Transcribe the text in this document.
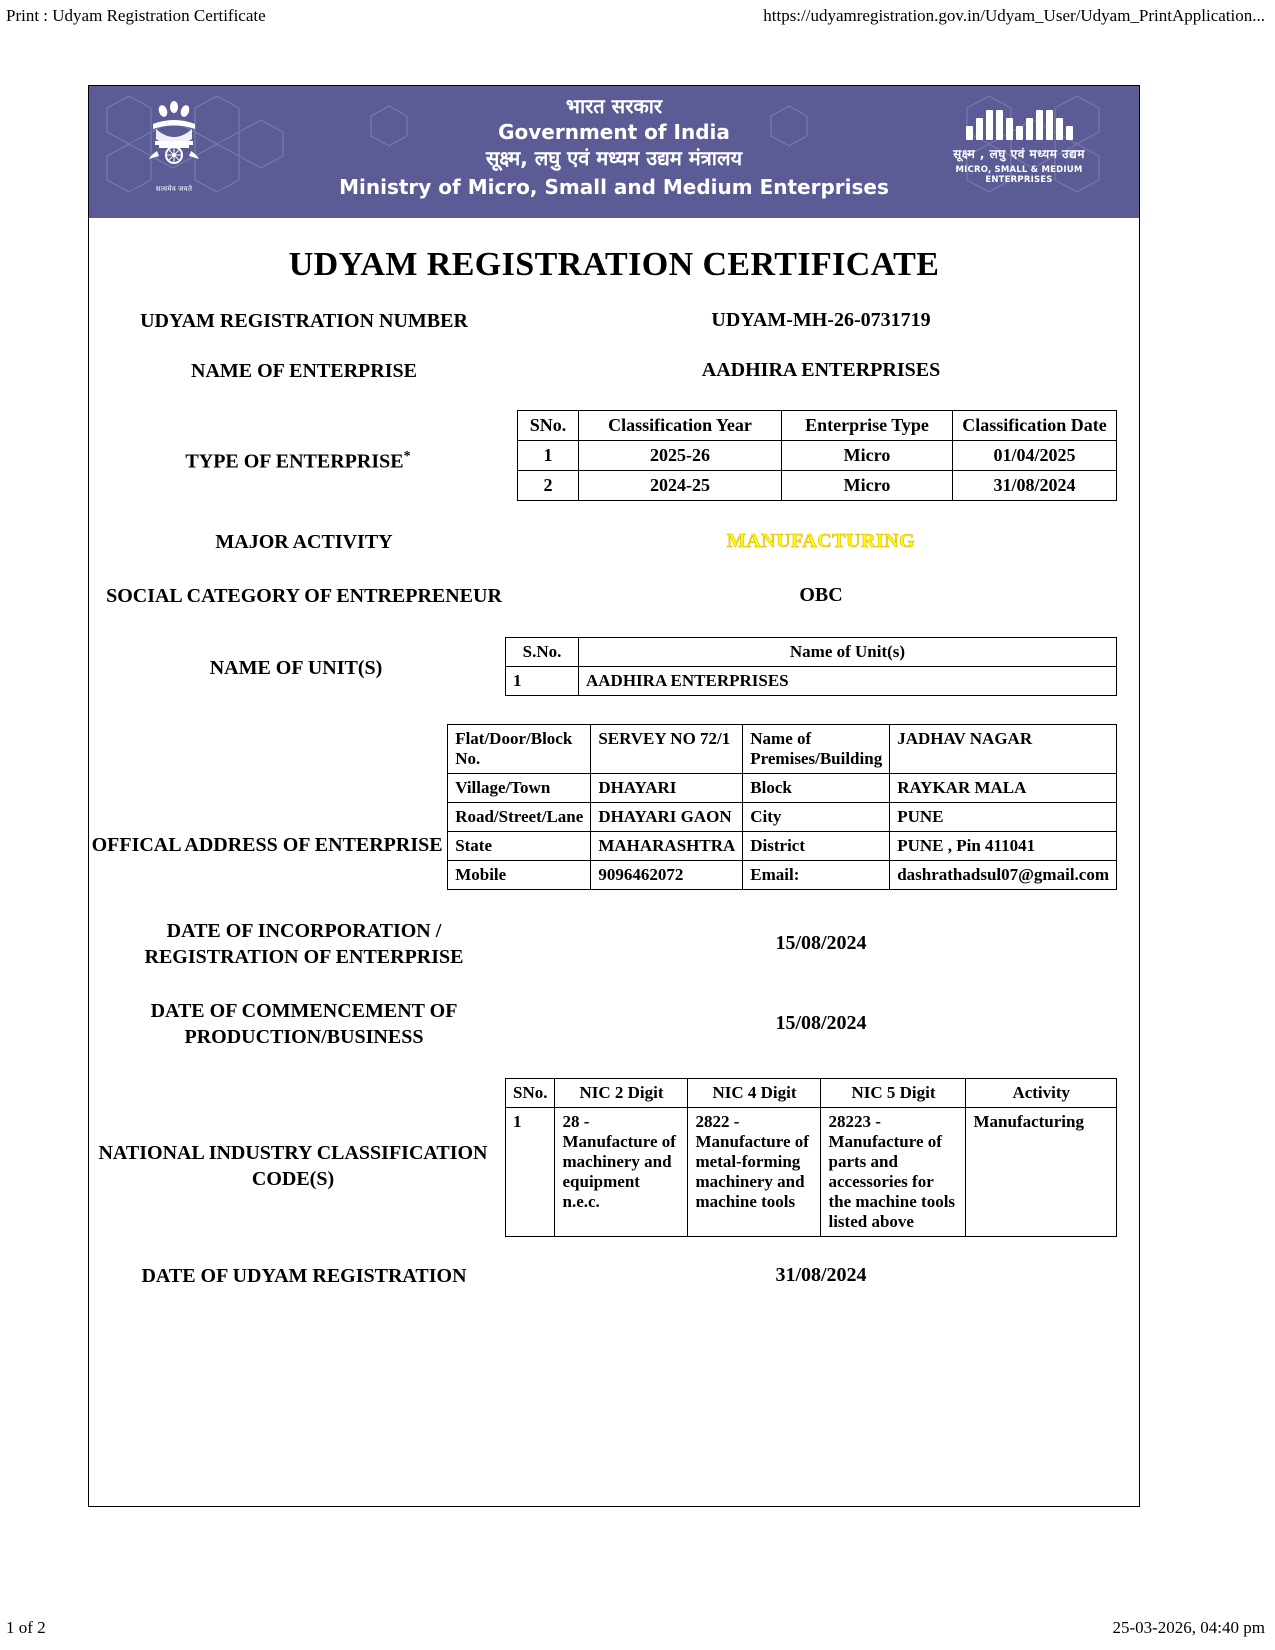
Print : Udyam Registration Certificate	https://udyamregistration.gov.in/Udyam_User/Udyam_PrintApplication...
सत्यमेव जयते
भारत सरकार
Government of India
सूक्ष्म, लघु एवं मध्यम उद्यम मंत्रालय
Ministry of Micro, Small and Medium Enterprises
सूक्ष्म , लघु एवं मध्यम उद्यम
MICRO, SMALL & MEDIUM ENTERPRISES
UDYAM REGISTRATION CERTIFICATE
UDYAM REGISTRATION NUMBER	UDYAM-MH-26-0731719
NAME OF ENTERPRISE	AADHIRA ENTERPRISES
TYPE OF ENTERPRISE*
SNo.	Classification Year	Enterprise Type	Classification Date
1	2025-26	Micro	01/04/2025
2	2024-25	Micro	31/08/2024
MAJOR ACTIVITY	MANUFACTURING
SOCIAL CATEGORY OF ENTREPRENEUR	OBC
NAME OF UNIT(S)
S.No.	Name of Unit(s)
1	AADHIRA ENTERPRISES
OFFICAL ADDRESS OF ENTERPRISE
Flat/Door/Block No.	SERVEY NO 72/1	Name of Premises/Building	JADHAV NAGAR
Village/Town	DHAYARI	Block	RAYKAR MALA
Road/Street/Lane	DHAYARI GAON	City	PUNE
State	MAHARASHTRA	District	PUNE , Pin 411041
Mobile	9096462072	Email:	dashrathadsul07@gmail.com
DATE OF INCORPORATION / REGISTRATION OF ENTERPRISE
15/08/2024
DATE OF COMMENCEMENT OF PRODUCTION/BUSINESS
15/08/2024
NATIONAL INDUSTRY CLASSIFICATION CODE(S)
SNo.	NIC 2 Digit	NIC 4 Digit	NIC 5 Digit	Activity
1	28 - Manufacture of machinery and equipment n.e.c.	2822 - Manufacture of metal-forming machinery and machine tools	28223 - Manufacture of parts and accessories for the machine tools listed above	Manufacturing
DATE OF UDYAM REGISTRATION	31/08/2024
1 of 2	25-03-2026, 04:40 pm
